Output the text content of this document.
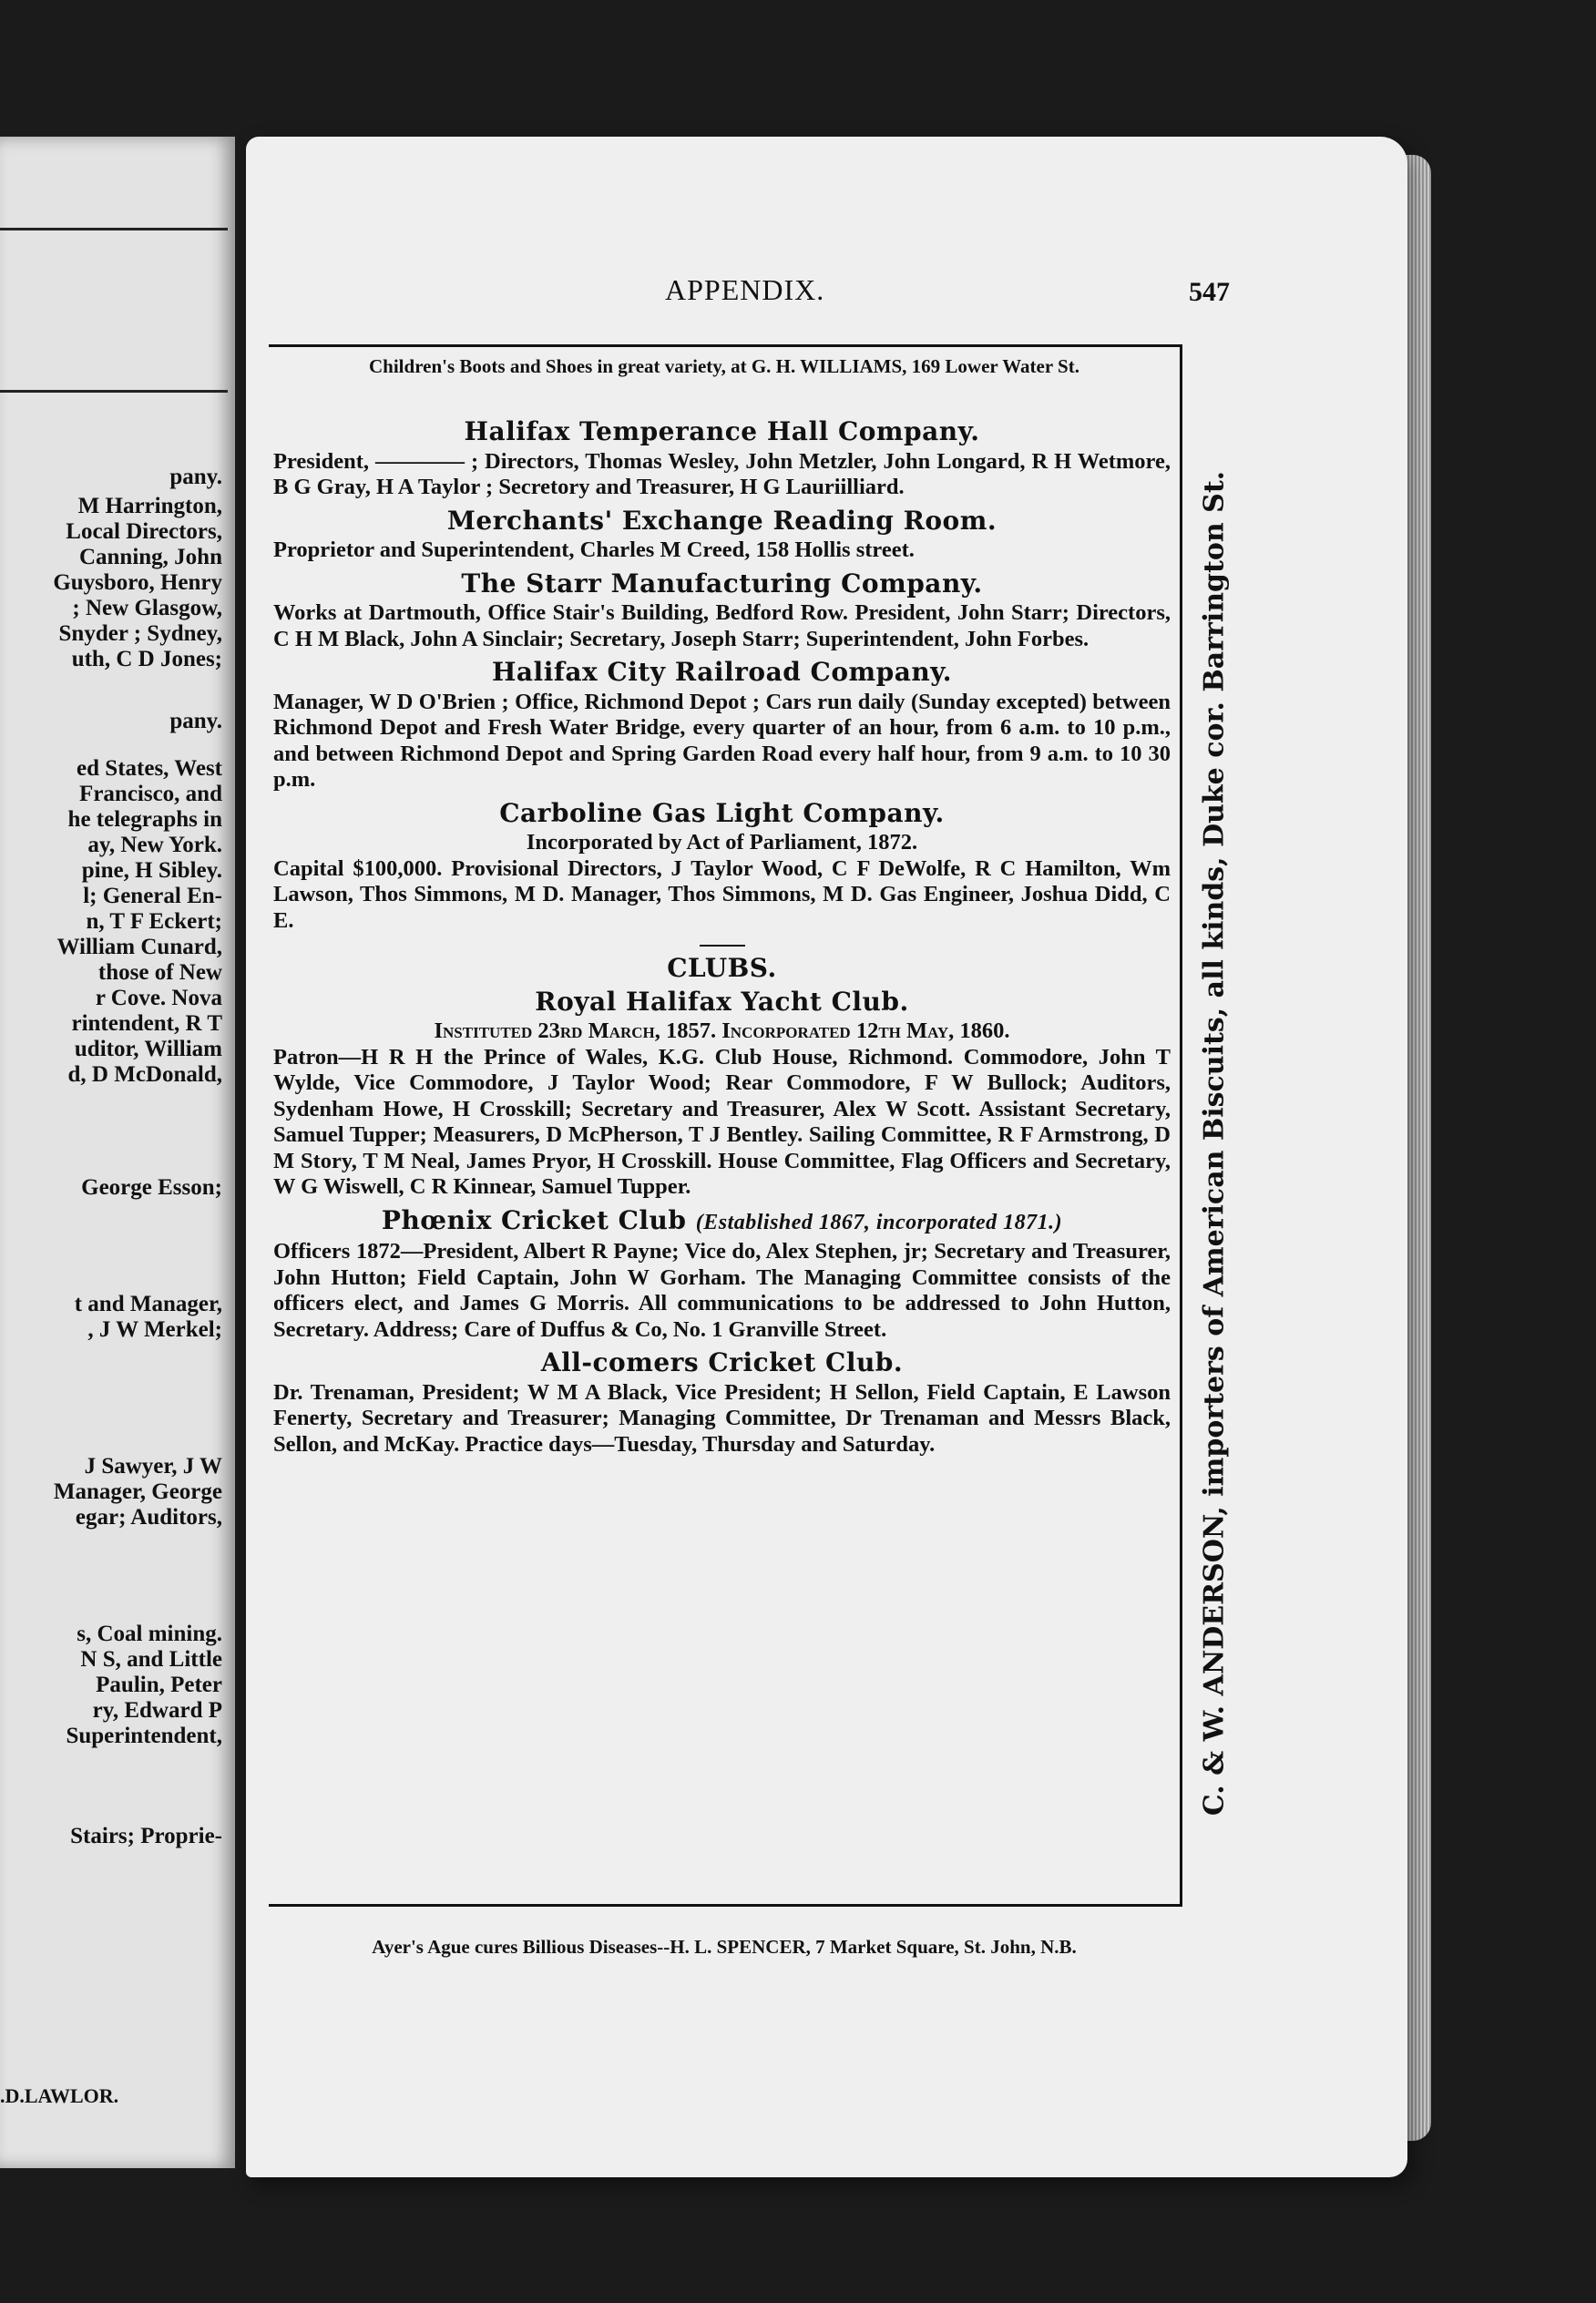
pany.
M Harrington,
Local Directors,
Canning, John
Guysboro, Henry
; New Glasgow,
Snyder ; Sydney,
uth, C D Jones;
pany.
ed States, West
Francisco, and
he telegraphs in
ay, New York.
pine, H Sibley.
l; General En-
n, T F Eckert;
William Cunard,
those of New
r Cove. Nova
rintendent, R T
uditor, William
d, D McDonald,
George Esson;
t and Manager,
, J W Merkel;
J Sawyer, J W
Manager, George
egar; Auditors,
s, Coal mining.
N S, and Little
Paulin, Peter
ry, Edward P
Superintendent,
Stairs; Proprie-
.D.LAWLOR.
APPENDIX.	547
Children's Boots and Shoes in great variety, at G. H. WILLIAMS, 169 Lower Water St.
Halifax Temperance Hall Company.

President, ———— ; Directors, Thomas Wesley, John Metzler, John Longard, R H Wetmore, B G Gray, H A Taylor ; Secretory and Treasurer, H G Lauriilliard.

Merchants' Exchange Reading Room.

Proprietor and Superintendent, Charles M Creed, 158 Hollis street.

The Starr Manufacturing Company.

Works at Dartmouth, Office Stair's Building, Bedford Row. President, John Starr; Directors, C H M Black, John A Sinclair; Secretary, Joseph Starr; Superintendent, John Forbes.

Halifax City Railroad Company.

Manager, W D O'Brien ; Office, Richmond Depot ; Cars run daily (Sunday excepted) between Richmond Depot and Fresh Water Bridge, every quarter of an hour, from 6 a.m. to 10 p.m., and between Richmond Depot and Spring Garden Road every half hour, from 9 a.m. to 10 30 p.m.

Carboline Gas Light Company.

Incorporated by Act of Parliament, 1872.

Capital $100,000. Provisional Directors, J Taylor Wood, C F DeWolfe, R C Hamilton, Wm Lawson, Thos Simmons, M D. Manager, Thos Simmons, M D. Gas Engineer, Joshua Didd, C E.

CLUBS.
Royal Halifax Yacht Club.

Instituted 23rd March, 1857. Incorporated 12th May, 1860.

Patron—H R H the Prince of Wales, K.G. Club House, Richmond. Commodore, John T Wylde, Vice Commodore, J Taylor Wood; Rear Commodore, F W Bullock; Auditors, Sydenham Howe, H Crosskill; Secretary and Treasurer, Alex W Scott. Assistant Secretary, Samuel Tupper; Measurers, D McPherson, T J Bentley. Sailing Committee, R F Armstrong, D M Story, T M Neal, James Pryor, H Crosskill. House Committee, Flag Officers and Secretary, W G Wiswell, C R Kinnear, Samuel Tupper.

Phœnix Cricket Club (Established 1867, incorporated 1871.)

Officers 1872—President, Albert R Payne; Vice do, Alex Stephen, jr; Secretary and Treasurer, John Hutton; Field Captain, John W Gorham. The Managing Committee consists of the officers elect, and James G Morris. All communications to be addressed to John Hutton, Secretary. Address; Care of Duffus & Co, No. 1 Granville Street.

All-comers Cricket Club.

Dr. Trenaman, President; W M A Black, Vice President; H Sellon, Field Captain, E Lawson Fenerty, Secretary and Treasurer; Managing Committee, Dr Trenaman and Messrs Black, Sellon, and McKay. Practice days—Tuesday, Thursday and Saturday.	C. & W. ANDERSON, importers of American Biscuits, all kinds, Duke cor. Barrington St.
Ayer's Ague cures Billious Diseases--H. L. SPENCER, 7 Market Square, St. John, N.B.
